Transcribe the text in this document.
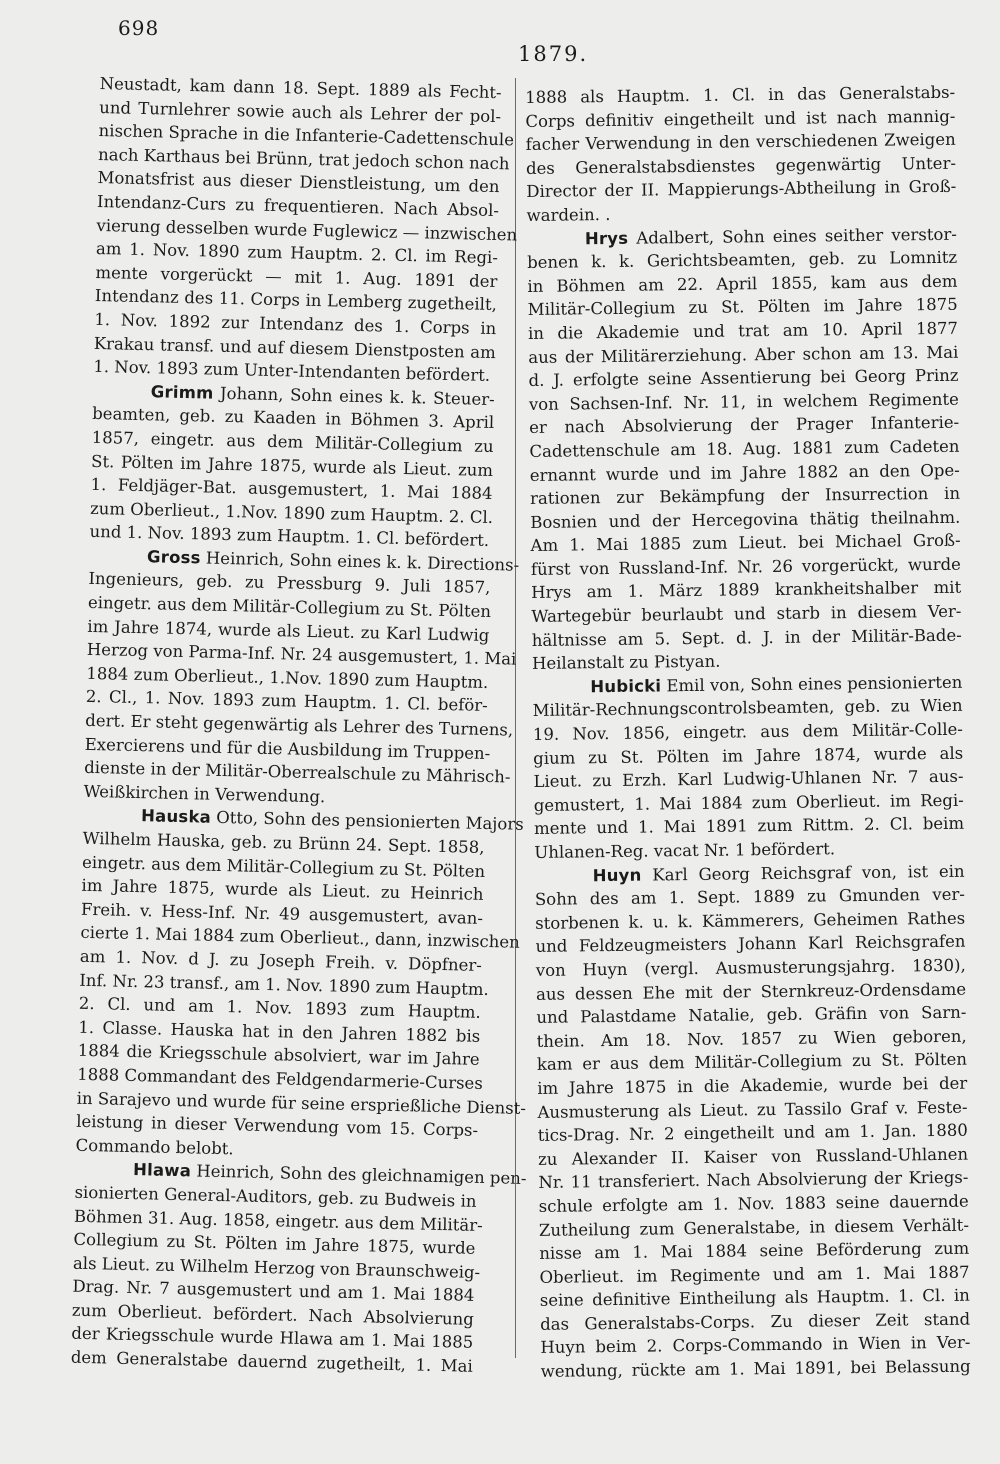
698
1879.
Neustadt, kam dann 18. Sept. 1889 als Fecht-
und Turnlehrer sowie auch als Lehrer der pol-
nischen Sprache in die Infanterie-Cadettenschule
nach Karthaus bei Brünn, trat jedoch schon nach
Monatsfrist aus dieser Dienstleistung, um den
Intendanz-Curs zu frequentieren. Nach Absol-
vierung desselben wurde Fuglewicz — inzwischen
am 1. Nov. 1890 zum Hauptm. 2. Cl. im Regi-
mente vorgerückt — mit 1. Aug. 1891 der
Intendanz des 11. Corps in Lemberg zugetheilt,
1. Nov. 1892 zur Intendanz des 1. Corps in
Krakau transf. und auf diesem Dienstposten am
1. Nov. 1893 zum Unter-Intendanten befördert.
Grimm Johann, Sohn eines k. k. Steuer-
beamten, geb. zu Kaaden in Böhmen 3. April
1857, eingetr. aus dem Militär-Collegium zu
St. Pölten im Jahre 1875, wurde als Lieut. zum
1. Feldjäger-Bat. ausgemustert, 1. Mai 1884
zum Oberlieut., 1.Nov. 1890 zum Hauptm. 2. Cl.
und 1. Nov. 1893 zum Hauptm. 1. Cl. befördert.
Gross Heinrich, Sohn eines k. k. Directions-
Ingenieurs, geb. zu Pressburg 9. Juli 1857,
eingetr. aus dem Militär-Collegium zu St. Pölten
im Jahre 1874, wurde als Lieut. zu Karl Ludwig
Herzog von Parma-Inf. Nr. 24 ausgemustert, 1. Mai
1884 zum Oberlieut., 1.Nov. 1890 zum Hauptm.
2. Cl., 1. Nov. 1893 zum Hauptm. 1. Cl. beför-
dert. Er steht gegenwärtig als Lehrer des Turnens,
Exercierens und für die Ausbildung im Truppen-
dienste in der Militär-Oberrealschule zu Mährisch-
Weißkirchen in Verwendung.
Hauska Otto, Sohn des pensionierten Majors
Wilhelm Hauska, geb. zu Brünn 24. Sept. 1858,
eingetr. aus dem Militär-Collegium zu St. Pölten
im Jahre 1875, wurde als Lieut. zu Heinrich
Freih. v. Hess-Inf. Nr. 49 ausgemustert, avan-
cierte 1. Mai 1884 zum Oberlieut., dann, inzwischen
am 1. Nov. d J. zu Joseph Freih. v. Döpfner-
Inf. Nr. 23 transf., am 1. Nov. 1890 zum Hauptm.
2. Cl. und am 1. Nov. 1893 zum Hauptm.
1. Classe. Hauska hat in den Jahren 1882 bis
1884 die Kriegsschule absolviert, war im Jahre
1888 Commandant des Feldgendarmerie-Curses
in Sarajevo und wurde für seine ersprießliche Dienst-
leistung in dieser Verwendung vom 15. Corps-
Commando belobt.
Hlawa Heinrich, Sohn des gleichnamigen pen-
sionierten General-Auditors, geb. zu Budweis in
Böhmen 31. Aug. 1858, eingetr. aus dem Militär-
Collegium zu St. Pölten im Jahre 1875, wurde
als Lieut. zu Wilhelm Herzog von Braunschweig-
Drag. Nr. 7 ausgemustert und am 1. Mai 1884
zum Oberlieut. befördert. Nach Absolvierung
der Kriegsschule wurde Hlawa am 1. Mai 1885
dem Generalstabe dauernd zugetheilt, 1. Mai
1888 als Hauptm. 1. Cl. in das Generalstabs-
Corps definitiv eingetheilt und ist nach mannig-
facher Verwendung in den verschiedenen Zweigen
des Generalstabsdienstes gegenwärtig Unter-
Director der II. Mappierungs-Abtheilung in Groß-
wardein. .
Hrys Adalbert, Sohn eines seither verstor-
benen k. k. Gerichtsbeamten, geb. zu Lomnitz
in Böhmen am 22. April 1855, kam aus dem
Militär-Collegium zu St. Pölten im Jahre 1875
in die Akademie und trat am 10. April 1877
aus der Militärerziehung. Aber schon am 13. Mai
d. J. erfolgte seine Assentierung bei Georg Prinz
von Sachsen-Inf. Nr. 11, in welchem Regimente
er nach Absolvierung der Prager Infanterie-
Cadettenschule am 18. Aug. 1881 zum Cadeten
ernannt wurde und im Jahre 1882 an den Ope-
rationen zur Bekämpfung der Insurrection in
Bosnien und der Hercegovina thätig theilnahm.
Am 1. Mai 1885 zum Lieut. bei Michael Groß-
fürst von Russland-Inf. Nr. 26 vorgerückt, wurde
Hrys am 1. März 1889 krankheitshalber mit
Wartegebür beurlaubt und starb in diesem Ver-
hältnisse am 5. Sept. d. J. in der Militär-Bade-
Heilanstalt zu Pistyan.
Hubicki Emil von, Sohn eines pensionierten
Militär-Rechnungscontrolsbeamten, geb. zu Wien
19. Nov. 1856, eingetr. aus dem Militär-Colle-
gium zu St. Pölten im Jahre 1874, wurde als
Lieut. zu Erzh. Karl Ludwig-Uhlanen Nr. 7 aus-
gemustert, 1. Mai 1884 zum Oberlieut. im Regi-
mente und 1. Mai 1891 zum Rittm. 2. Cl. beim
Uhlanen-Reg. vacat Nr. 1 befördert.
Huyn Karl Georg Reichsgraf von, ist ein
Sohn des am 1. Sept. 1889 zu Gmunden ver-
storbenen k. u. k. Kämmerers, Geheimen Rathes
und Feldzeugmeisters Johann Karl Reichsgrafen
von Huyn (vergl. Ausmusterungsjahrg. 1830),
aus dessen Ehe mit der Sternkreuz-Ordensdame
und Palastdame Natalie, geb. Gräfin von Sarn-
thein. Am 18. Nov. 1857 zu Wien geboren,
kam er aus dem Militär-Collegium zu St. Pölten
im Jahre 1875 in die Akademie, wurde bei der
Ausmusterung als Lieut. zu Tassilo Graf v. Feste-
tics-Drag. Nr. 2 eingetheilt und am 1. Jan. 1880
zu Alexander II. Kaiser von Russland-Uhlanen
Nr. 11 transferiert. Nach Absolvierung der Kriegs-
schule erfolgte am 1. Nov. 1883 seine dauernde
Zutheilung zum Generalstabe, in diesem Verhält-
nisse am 1. Mai 1884 seine Beförderung zum
Oberlieut. im Regimente und am 1. Mai 1887
seine definitive Eintheilung als Hauptm. 1. Cl. in
das Generalstabs-Corps. Zu dieser Zeit stand
Huyn beim 2. Corps-Commando in Wien in Ver-
wendung, rückte am 1. Mai 1891, bei Belassung
